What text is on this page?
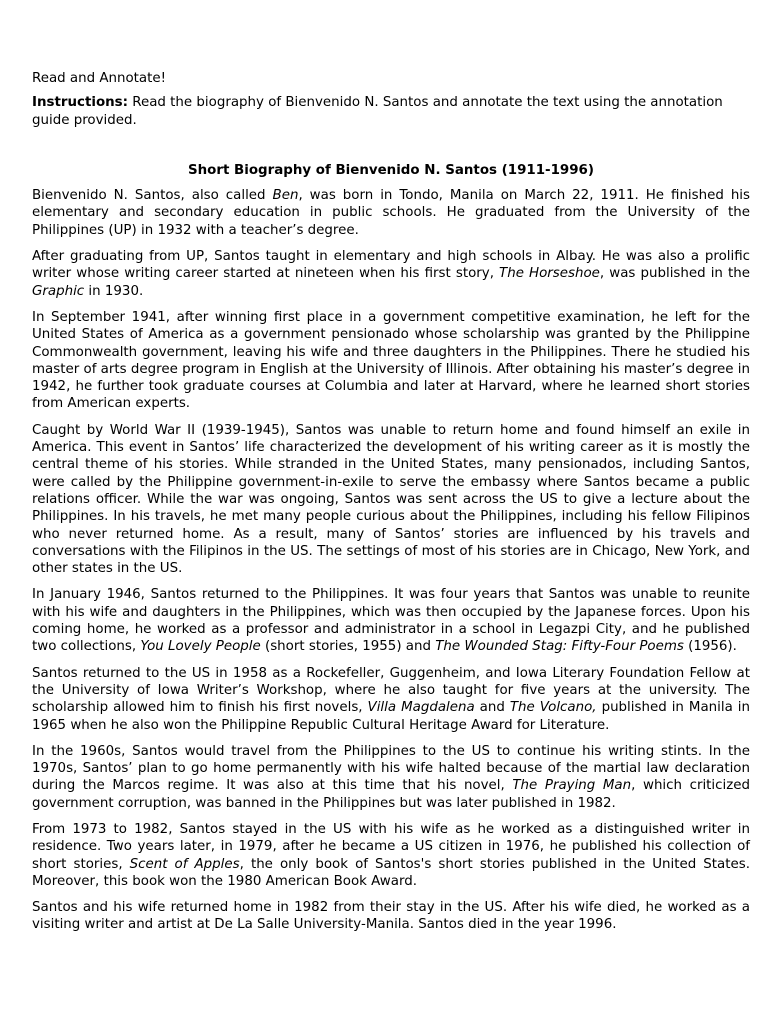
Read and Annotate!

Instructions: Read the biography of Bienvenido N. Santos and annotate the text using the annotation guide provided.

Short Biography of Bienvenido N. Santos (1911-1996)

Bienvenido N. Santos, also called Ben, was born in Tondo, Manila on March 22, 1911. He finished his elementary and secondary education in public schools. He graduated from the University of the Philippines (UP) in 1932 with a teacher’s degree.

After graduating from UP, Santos taught in elementary and high schools in Albay. He was also a prolific writer whose writing career started at nineteen when his first story, The Horseshoe, was published in the Graphic in 1930.

In September 1941, after winning first place in a government competitive examination, he left for the United States of America as a government pensionado whose scholarship was granted by the Philippine Commonwealth government, leaving his wife and three daughters in the Philippines. There he studied his master of arts degree program in English at the University of Illinois. After obtaining his master’s degree in 1942, he further took graduate courses at Columbia and later at Harvard, where he learned short stories from American experts.

Caught by World War II (1939-1945), Santos was unable to return home and found himself an exile in America. This event in Santos’ life characterized the development of his writing career as it is mostly the central theme of his stories. While stranded in the United States, many pensionados, including Santos, were called by the Philippine government-in-exile to serve the embassy where Santos became a public relations officer. While the war was ongoing, Santos was sent across the US to give a lecture about the Philippines. In his travels, he met many people curious about the Philippines, including his fellow Filipinos who never returned home. As a result, many of Santos’ stories are influenced by his travels and conversations with the Filipinos in the US. The settings of most of his stories are in Chicago, New York, and other states in the US.

In January 1946, Santos returned to the Philippines. It was four years that Santos was unable to reunite with his wife and daughters in the Philippines, which was then occupied by the Japanese forces. Upon his coming home, he worked as a professor and administrator in a school in Legazpi City, and he published two collections, You Lovely People (short stories, 1955) and The Wounded Stag: Fifty-Four Poems (1956).

Santos returned to the US in 1958 as a Rockefeller, Guggenheim, and Iowa Literary Foundation Fellow at the University of Iowa Writer’s Workshop, where he also taught for five years at the university. The scholarship allowed him to finish his first novels, Villa Magdalena and The Volcano, published in Manila in 1965 when he also won the Philippine Republic Cultural Heritage Award for Literature.

In the 1960s, Santos would travel from the Philippines to the US to continue his writing stints. In the 1970s, Santos’ plan to go home permanently with his wife halted because of the martial law declaration during the Marcos regime. It was also at this time that his novel, The Praying Man, which criticized government corruption, was banned in the Philippines but was later published in 1982.

From 1973 to 1982, Santos stayed in the US with his wife as he worked as a distinguished writer in residence. Two years later, in 1979, after he became a US citizen in 1976, he published his collection of short stories, Scent of Apples, the only book of Santos's short stories published in the United States. Moreover, this book won the 1980 American Book Award.

Santos and his wife returned home in 1982 from their stay in the US. After his wife died, he worked as a visiting writer and artist at De La Salle University-Manila. Santos died in the year 1996.
